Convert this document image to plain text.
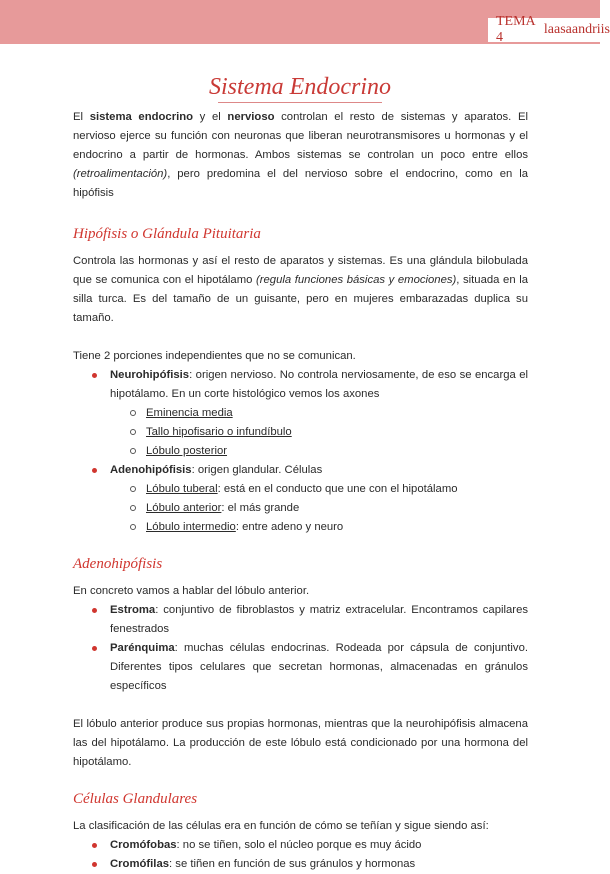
TEMA 4
laasaandriis
Sistema Endocrino

El sistema endocrino y el nervioso controlan el resto de sistemas y aparatos. El nervioso ejerce su función con neuronas que liberan neurotransmisores u hormonas y el endocrino a partir de hormonas. Ambos sistemas se controlan un poco entre ellos (retroalimentación), pero predomina el del nervioso sobre el endocrino, como en la hipófisis

Hipófisis o Glándula Pituitaria

Controla las hormonas y así el resto de aparatos y sistemas. Es una glándula bilobulada que se comunica con el hipotálamo (regula funciones básicas y emociones), situada en la silla turca. Es del tamaño de un guisante, pero en mujeres embarazadas duplica su tamaño.

Tiene 2 porciones independientes que no se comunican.

Neurohipófisis: origen nervioso. No controla nerviosamente, de eso se encarga el hipotálamo. En un corte histológico vemos los axones
Eminencia media
Tallo hipofisario o infundíbulo
Lóbulo posterior
Adenohipófisis: origen glandular. Células
Lóbulo tuberal: está en el conducto que une con el hipotálamo
Lóbulo anterior: el más grande
Lóbulo intermedio: entre adeno y neuro

Adenohipófisis

En concreto vamos a hablar del lóbulo anterior.

Estroma: conjuntivo de fibroblastos y matriz extracelular. Encontramos capilares fenestrados
Parénquima: muchas células endocrinas. Rodeada por cápsula de conjuntivo. Diferentes tipos celulares que secretan hormonas, almacenadas en gránulos específicos

El lóbulo anterior produce sus propias hormonas, mientras que la neurohipófisis almacena las del hipotálamo. La producción de este lóbulo está condicionado por una hormona del hipotálamo.

Células Glandulares

La clasificación de las células era en función de cómo se teñían y sigue siendo así:

Cromófobas: no se tiñen, solo el núcleo porque es muy ácido
Cromófilas: se tiñen en función de sus gránulos y hormonas
